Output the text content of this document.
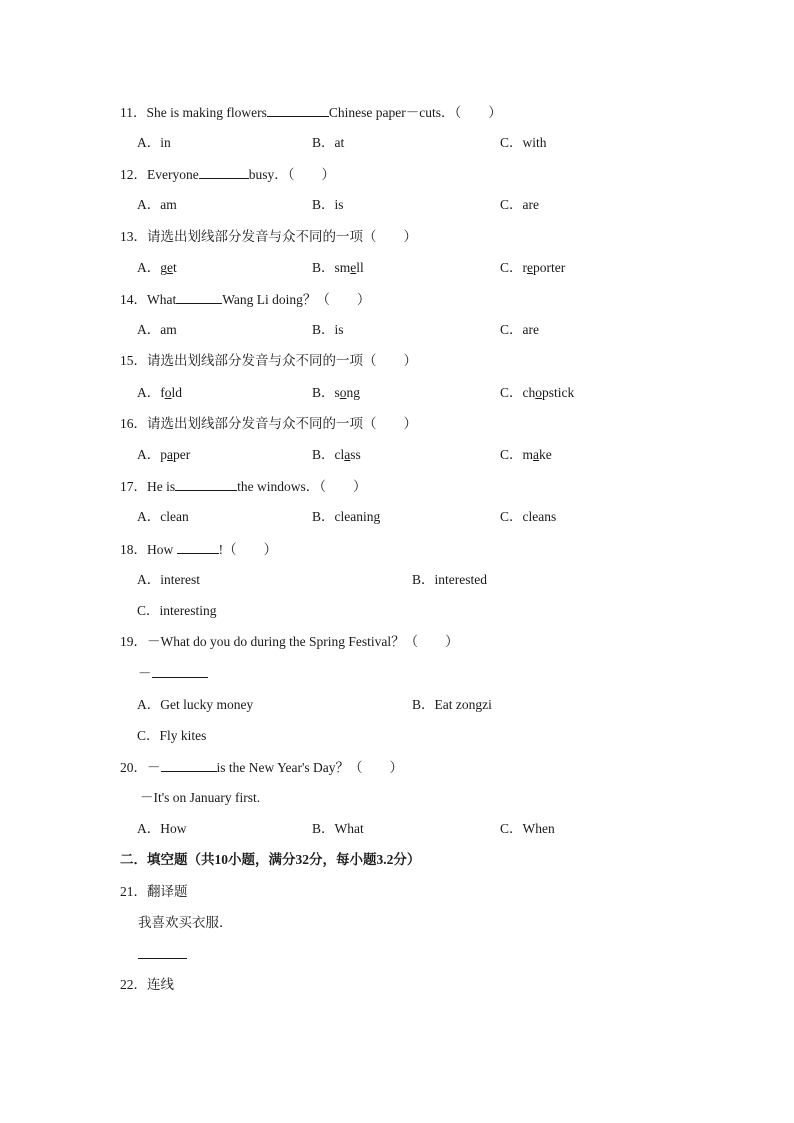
11．She is making flowers	Chinese paper－cuts．（　　）
A．in	B．at	C．with
12．Everyone	busy．（　　）
A．am	B．is	C．are
13．请选出划线部分发音与众不同的一项（　　）
A．get	B．smell	C．reporter
14．What	Wang Li doing？（　　）
A．am	B．is	C．are
15．请选出划线部分发音与众不同的一项（　　）
A．fold	B．song	C．chopstick
16．请选出划线部分发音与众不同的一项（　　）
A．paper	B．class	C．make
17．He is	the windows．（　　）
A．clean	B．cleaning	C．cleans
18．How	!（　　）
A．interest	B．interested
C．interesting
19．－What do you do during the Spring Festival？（　　）
－
A．Get lucky money	B．Eat zongzi
C．Fly kites
20．－	is the New Year's Day？（　　）
－It's on January first.
A．How	B．What	C．When
二．填空题（共10小题，满分32分，每小题3.2分）
21．翻译题
我喜欢买衣服．
22．连线
